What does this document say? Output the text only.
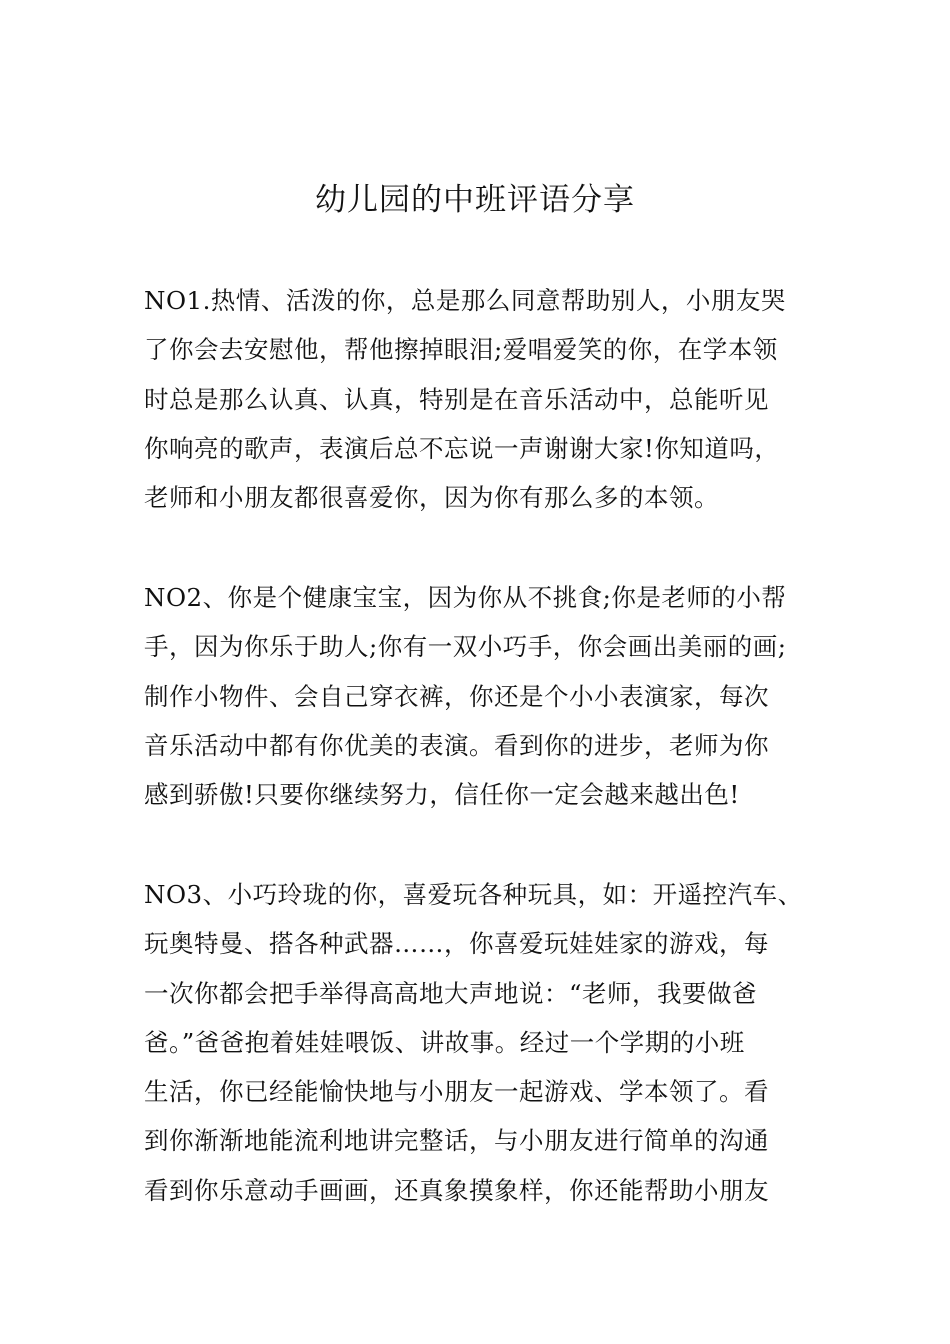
幼儿园的中班评语分享
NO1.热情、活泼的你，总是那么同意帮助别人，小朋友哭
了你会去安慰他，帮他擦掉眼泪;爱唱爱笑的你，在学本领
时总是那么认真、认真，特别是在音乐活动中，总能听见
你响亮的歌声，表演后总不忘说一声谢谢大家!你知道吗，
老师和小朋友都很喜爱你，因为你有那么多的本领。
NO2、你是个健康宝宝，因为你从不挑食;你是老师的小帮
手，因为你乐于助人;你有一双小巧手，你会画出美丽的画;
制作小物件、会自己穿衣裤，你还是个小小表演家，每次
音乐活动中都有你优美的表演。看到你的进步，老师为你
感到骄傲!只要你继续努力，信任你一定会越来越出色!
NO3、小巧玲珑的你，喜爱玩各种玩具，如：开遥控汽车、
玩奥特曼、搭各种武器……，你喜爱玩娃娃家的游戏，每
一次你都会把手举得高高地大声地说：“老师，我要做爸
爸。”爸爸抱着娃娃喂饭、讲故事。经过一个学期的小班
生活，你已经能愉快地与小朋友一起游戏、学本领了。看
到你渐渐地能流利地讲完整话，与小朋友进行简单的沟通
看到你乐意动手画画，还真象摸象样，你还能帮助小朋友
